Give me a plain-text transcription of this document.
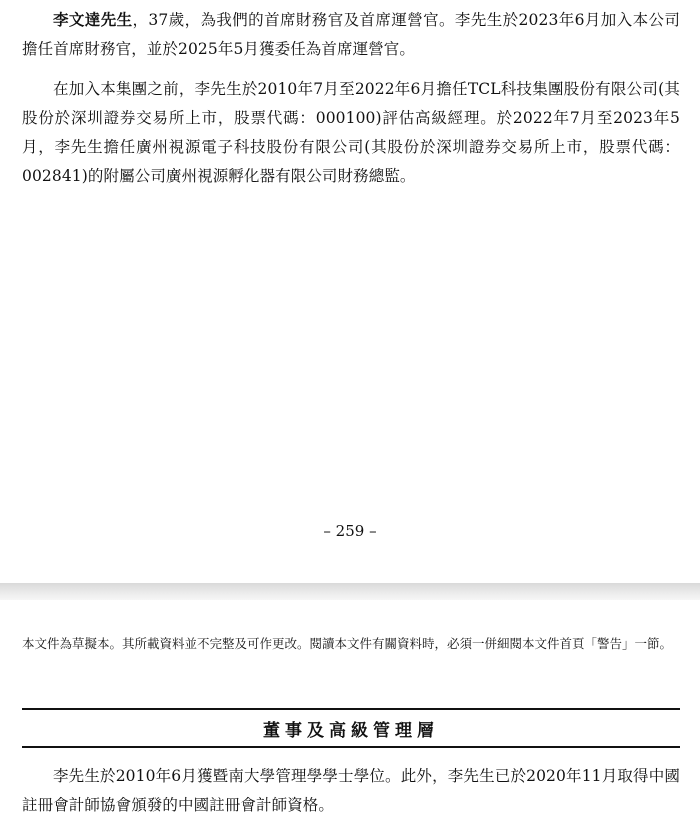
李文達先生，37歲，為我們的首席財務官及首席運營官。李先生於2023年6月加入本公司擔任首席財務官，並於2025年5月獲委任為首席運營官。

在加入本集團之前，李先生於2010年7月至2022年6月擔任TCL科技集團股份有限公司(其股份於深圳證券交易所上市，股票代碼：000100)評估高級經理。於2022年7月至2023年5月，李先生擔任廣州視源電子科技股份有限公司(其股份於深圳證券交易所上市，股票代碼：002841)的附屬公司廣州視源孵化器有限公司財務總監。

– 259 –

本文件為草擬本。其所載資料並不完整及可作更改。閱讀本文件有關資料時，必須一併細閱本文件首頁「警告」一節。

董事及高級管理層

李先生於2010年6月獲暨南大學管理學學士學位。此外，李先生已於2020年11月取得中國註冊會計師協會頒發的中國註冊會計師資格。
